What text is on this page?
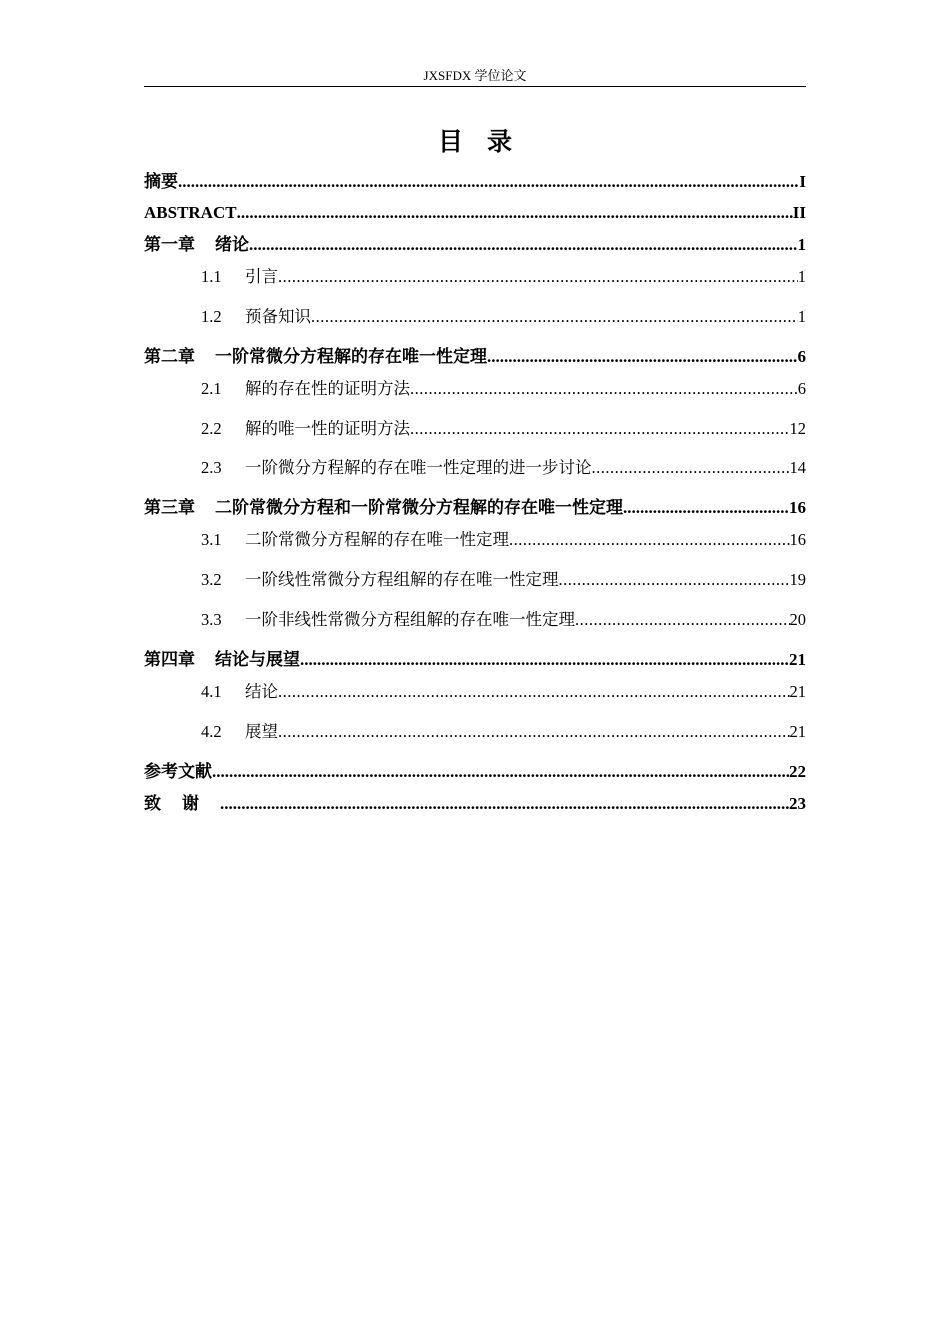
JXSFDX 学位论文
目录
摘要 .....	I
ABSTRACT .....	II
第一章 绪论 .....	1
1.1	引言 .....	1
1.2	预备知识 .....	1
第二章 一阶常微分方程解的存在唯一性定理 .....	6
2.1	解的存在性的证明方法 .....	6
2.2	解的唯一性的证明方法 .....	12
2.3	一阶微分方程解的存在唯一性定理的进一步讨论 .....	14
第三章 二阶常微分方程和一阶常微分方程解的存在唯一性定理 .....	16
3.1	二阶常微分方程解的存在唯一性定理 .....	16
3.2	一阶线性常微分方程组解的存在唯一性定理 .....	19
3.3	一阶非线性常微分方程组解的存在唯一性定理 .....	20
第四章 结论与展望 .....	21
4.1	结论 .....	21
4.2	展望 .....	21
参考文献 .....	22
致谢 .....	23
